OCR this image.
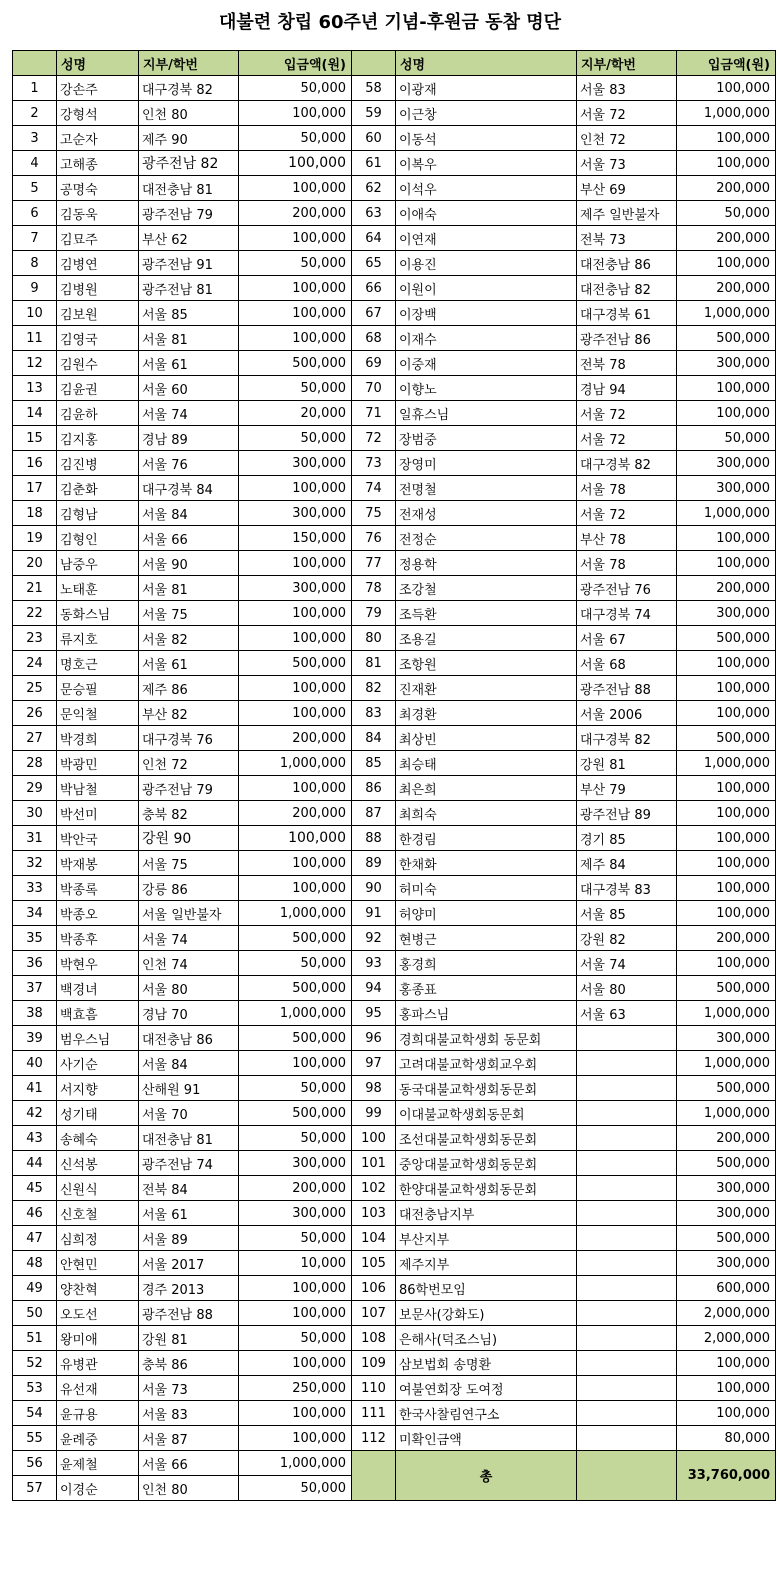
대불련 창립 60주년 기념-후원금 동참 명단
	성명	지부/학번	입금액(원)		성명	지부/학번	입금액(원)
1	강손주	대구경북 82	50,000	58	이광재	서울 83	100,000
2	강형석	인천 80	100,000	59	이근창	서울 72	1,000,000
3	고순자	제주 90	50,000	60	이동석	인천 72	100,000
4	고해종	광주전남 82	100,000	61	이복우	서울 73	100,000
5	공명숙	대전충남 81	100,000	62	이석우	부산 69	200,000
6	김동욱	광주전남 79	200,000	63	이애숙	제주 일반불자	50,000
7	김묘주	부산 62	100,000	64	이연재	전북 73	200,000
8	김병연	광주전남 91	50,000	65	이용진	대전충남 86	100,000
9	김병원	광주전남 81	100,000	66	이원이	대전충남 82	200,000
10	김보원	서울 85	100,000	67	이장백	대구경북 61	1,000,000
11	김영국	서울 81	100,000	68	이재수	광주전남 86	500,000
12	김원수	서울 61	500,000	69	이중재	전북 78	300,000
13	김윤권	서울 60	50,000	70	이향노	경남 94	100,000
14	김윤하	서울 74	20,000	71	일휴스님	서울 72	100,000
15	김지홍	경남 89	50,000	72	장범중	서울 72	50,000
16	김진병	서울 76	300,000	73	장영미	대구경북 82	300,000
17	김춘화	대구경북 84	100,000	74	전명철	서울 78	300,000
18	김형남	서울 84	300,000	75	전재성	서울 72	1,000,000
19	김형인	서울 66	150,000	76	전정순	부산 78	100,000
20	남중우	서울 90	100,000	77	정용학	서울 78	100,000
21	노태훈	서울 81	300,000	78	조강철	광주전남 76	200,000
22	동화스님	서울 75	100,000	79	조득환	대구경북 74	300,000
23	류지호	서울 82	100,000	80	조용길	서울 67	500,000
24	명호근	서울 61	500,000	81	조항원	서울 68	100,000
25	문승필	제주 86	100,000	82	진재환	광주전남 88	100,000
26	문익철	부산 82	100,000	83	최경환	서울 2006	100,000
27	박경희	대구경북 76	200,000	84	최상빈	대구경북 82	500,000
28	박광민	인천 72	1,000,000	85	최승태	강원 81	1,000,000
29	박남철	광주전남 79	100,000	86	최은희	부산 79	100,000
30	박선미	충북 82	200,000	87	최희숙	광주전남 89	100,000
31	박안국	강원 90	100,000	88	한경림	경기 85	100,000
32	박재봉	서울 75	100,000	89	한채화	제주 84	100,000
33	박종록	강릉 86	100,000	90	허미숙	대구경북 83	100,000
34	박종오	서울 일반불자	1,000,000	91	허양미	서울 85	100,000
35	박종후	서울 74	500,000	92	현병근	강원 82	200,000
36	박현우	인천 74	50,000	93	홍경희	서울 74	100,000
37	백경녀	서울 80	500,000	94	홍종표	서울 80	500,000
38	백효흠	경남 70	1,000,000	95	홍파스님	서울 63	1,000,000
39	범우스님	대전충남 86	500,000	96	경희대불교학생회 동문회		300,000
40	사기순	서울 84	100,000	97	고려대불교학생회교우회		1,000,000
41	서지향	산해원 91	50,000	98	동국대불교학생회동문회		500,000
42	성기태	서울 70	500,000	99	이대불교학생회동문회		1,000,000
43	송혜숙	대전충남 81	50,000	100	조선대불교학생회동문회		200,000
44	신석봉	광주전남 74	300,000	101	중앙대불교학생회동문회		500,000
45	신원식	전북 84	200,000	102	한양대불교학생회동문회		300,000
46	신호철	서울 61	300,000	103	대전충남지부		300,000
47	심희정	서울 89	50,000	104	부산지부		500,000
48	안현민	서울 2017	10,000	105	제주지부		300,000
49	양찬혁	경주 2013	100,000	106	86학번모임		600,000
50	오도선	광주전남 88	100,000	107	보문사(강화도)		2,000,000
51	왕미애	강원 81	50,000	108	은해사(덕조스님)		2,000,000
52	유병관	충북 86	100,000	109	삼보법회 송명환		100,000
53	유선재	서울 73	250,000	110	여불연회장 도여정		100,000
54	윤규용	서울 83	100,000	111	한국사찰림연구소		100,000
55	윤례중	서울 87	100,000	112	미확인금액		80,000
56	윤제철	서울 66	1,000,000		총		33,760,000
57	이경순	인천 80	50,000				
